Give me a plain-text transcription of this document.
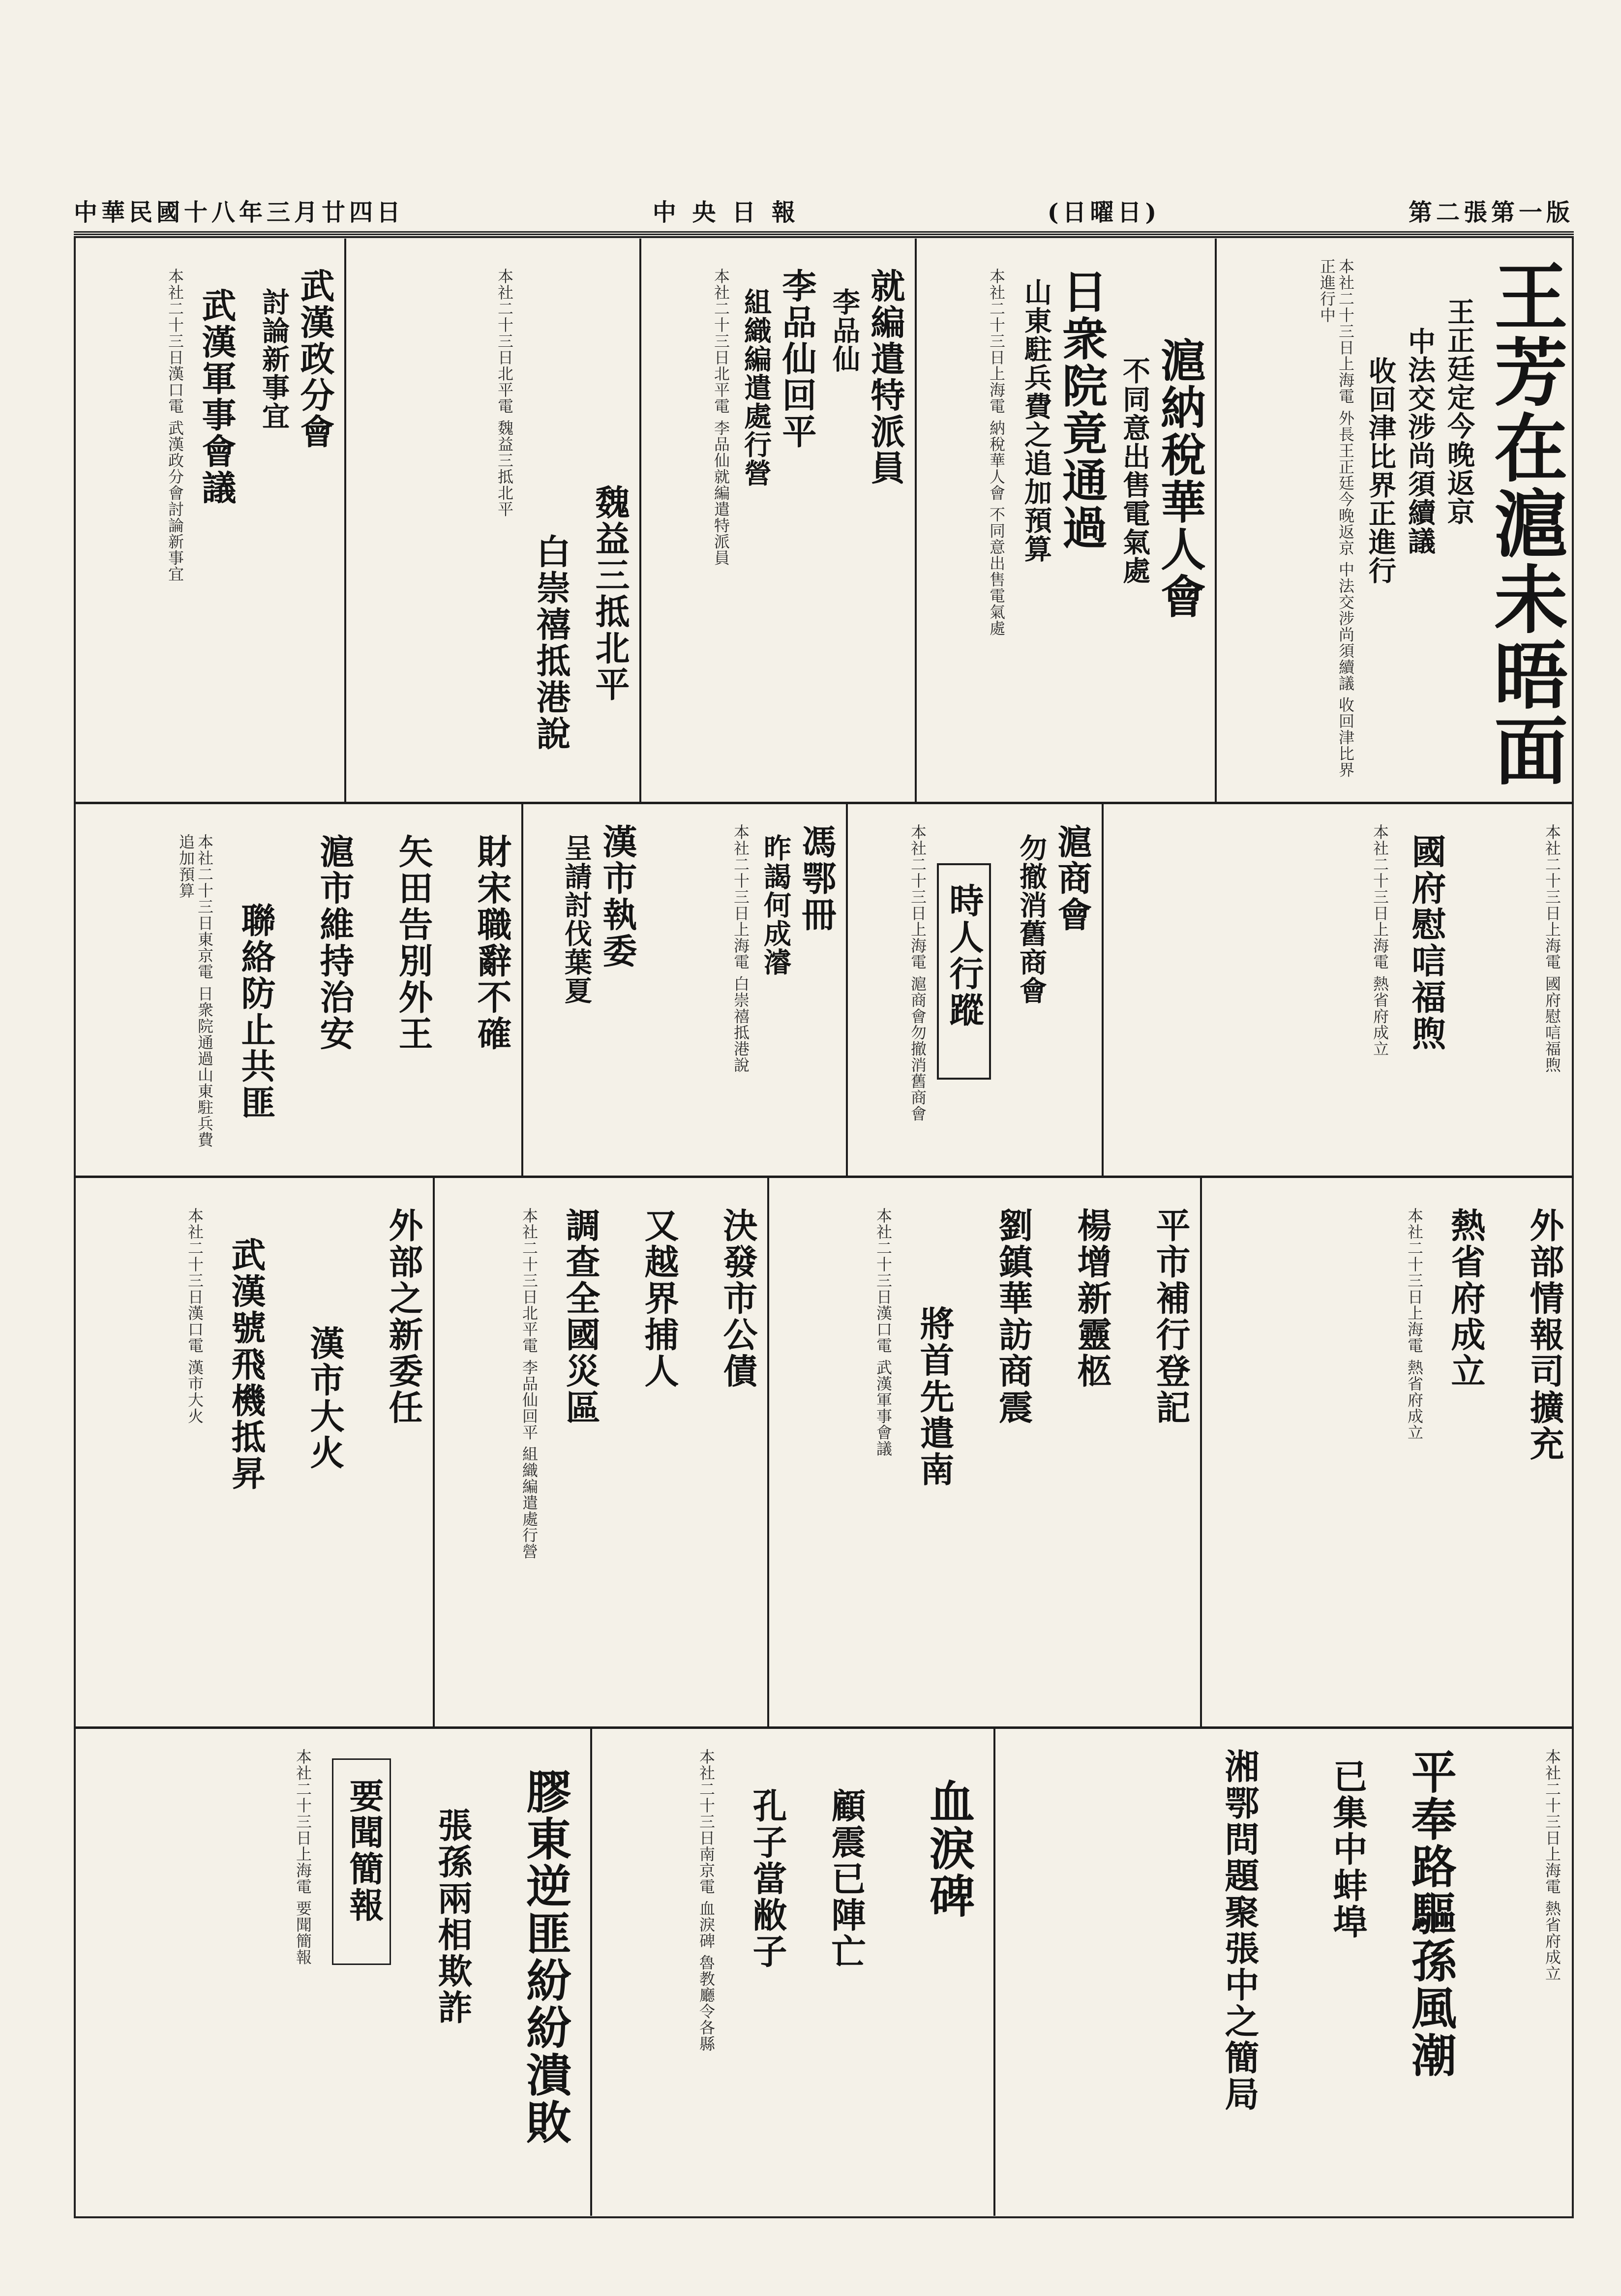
中華民國十八年三月廿四日	中 央 日 報	(日曜日)	第二張第一版
王芳在滬未晤面
王正廷定今晚返京
中法交涉尚須續議
收回津比界正進行
本社二十三日上海電 外長王正廷今晚返京 中法交涉尚須續議 收回津比界正進行中
滬納稅華人會
不同意出售電氣處
日衆院竟通過
山東駐兵費之追加預算
本社二十三日上海電 納稅華人會 不同意出售電氣處
就編遣特派員
李品仙
李品仙回平
組織編遣處行營
本社二十三日北平電 李品仙就編遣特派員
武漢政分會
討論新事宜
武漢軍事會議
本社二十三日漢口電 武漢政分會討論新事宜
魏益三抵北平
白崇禧抵港說
本社二十三日北平電 魏益三抵北平
馮鄂冊
昨謁何成濬
本社二十三日上海電 白崇禧抵港說
漢市執委
呈請討伐葉夏
財宋職辭不確
矢田告別外王
滬市維持治安
聯絡防止共匪
本社二十三日東京電 日衆院通過山東駐兵費追加預算	國府慰唁福煦	本社二十三日上海電 國府慰唁福煦
本社二十三日上海電 熱省府成立
滬商會
勿撤消舊商會
時人行蹤
本社二十三日上海電 滬商會勿撤消舊商會
決發市公債
又越界捕人
調查全國災區
本社二十三日北平電 李品仙回平 組織編遣處行營	外部情報司擴充
熱省府成立
本社二十三日上海電 熱省府成立
平市補行登記
楊增新靈柩
劉鎮華訪商震
將首先遣南
本社二十三日漢口電 武漢軍事會議
外部之新委任
漢市大火
武漢號飛機抵昇
本社二十三日漢口電 漢市大火
平奉路驅孫風潮
已集中蚌埠
湘鄂問題聚張中之簡局	本社二十三日上海電 熱省府成立
血淚碑
顧震已陣亡
孔子當敝子
本社二十三日南京電 血淚碑 魯教廳令各縣
膠東逆匪紛紛潰敗
張孫兩相欺詐
要聞簡報
本社二十三日上海電 要聞簡報
